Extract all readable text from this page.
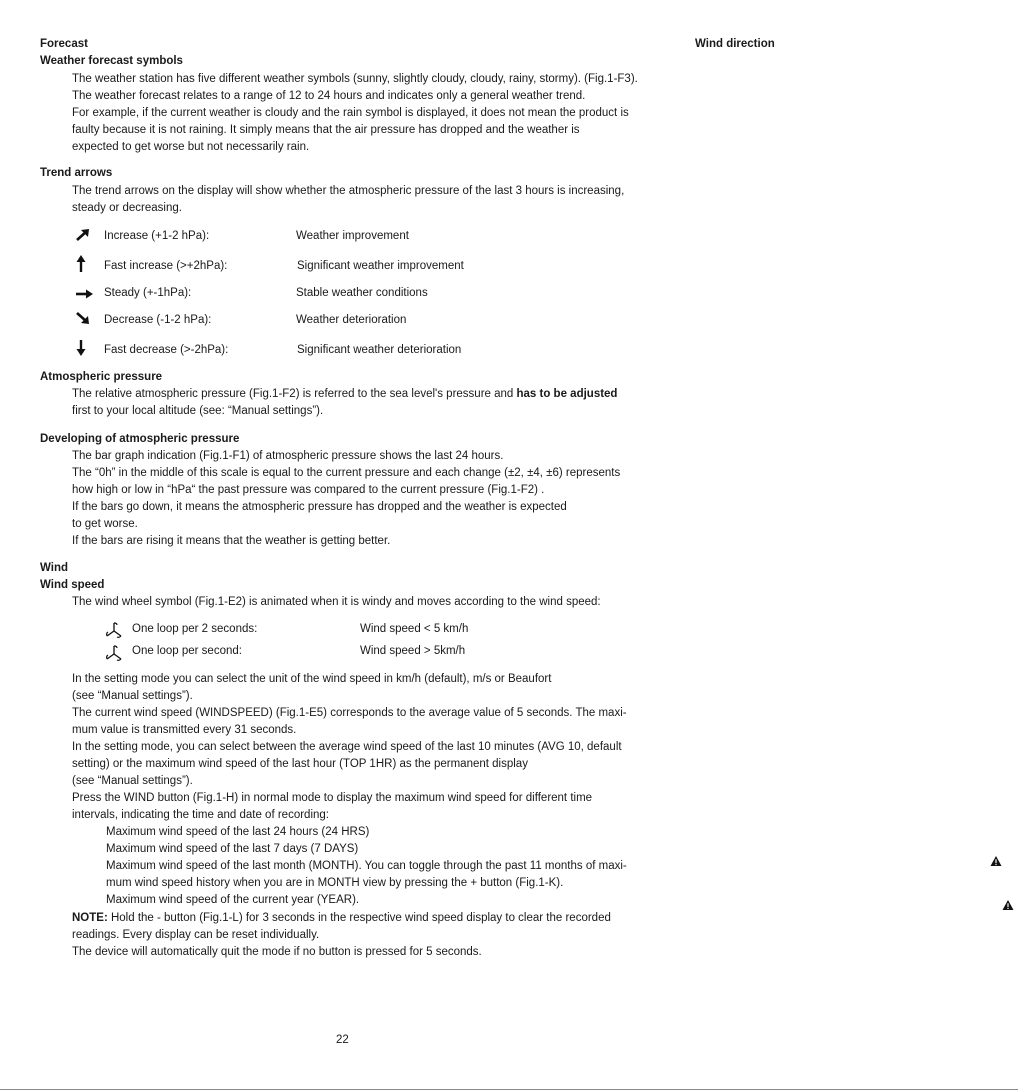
Wind direction
Forecast
Weather forecast symbols
The weather station has five different weather symbols (sunny, slightly cloudy, cloudy, rainy, stormy). (Fig.1-F3).
The weather forecast relates to a range of 12 to 24 hours and indicates only a general weather trend.
For example, if the current weather is cloudy and the rain symbol is displayed, it does not mean the product is
faulty because it is not raining. It simply means that the air pressure has dropped and the weather is
expected to get worse but not necessarily rain.
Trend arrows
The trend arrows on the display will show whether the atmospheric pressure of the last 3 hours is increasing,
steady or decreasing.
Increase (+1-2 hPa):	Weather improvement
Fast increase (>+2hPa):	Significant weather improvement
Steady (+-1hPa):	Stable weather conditions
Decrease (-1-2 hPa):	Weather deterioration
Fast decrease (>-2hPa):	Significant weather deterioration
Atmospheric pressure
The relative atmospheric pressure (Fig.1-F2) is referred to the sea level's pressure and has to be adjusted
first to your local altitude (see: “Manual settings”).
Developing of atmospheric pressure
The bar graph indication (Fig.1-F1) of atmospheric pressure shows the last 24 hours.
The “0h” in the middle of this scale is equal to the current pressure and each change (±2, ±4, ±6) represents
how high or low in “hPa“ the past pressure was compared to the current pressure (Fig.1-F2) .
If the bars go down, it means the atmospheric pressure has dropped and the weather is expected
to get worse.
If the bars are rising it means that the weather is getting better.
Wind
Wind speed
The wind wheel symbol (Fig.1-E2) is animated when it is windy and moves according to the wind speed:
One loop per 2 seconds:	Wind speed < 5 km/h
One loop per second:	Wind speed > 5km/h
In the setting mode you can select the unit of the wind speed in km/h (default), m/s or Beaufort
(see “Manual settings”).
The current wind speed (WINDSPEED) (Fig.1-E5) corresponds to the average value of 5 seconds. The maxi-
mum value is transmitted every 31 seconds.
In the setting mode, you can select between the average wind speed of the last 10 minutes (AVG 10, default
setting) or the maximum wind speed of the last hour (TOP 1HR) as the permanent display
(see “Manual settings”).
Press the WIND button (Fig.1-H) in normal mode to display the maximum wind speed for different time
intervals, indicating the time and date of recording:
Maximum wind speed of the last 24 hours (24 HRS)
Maximum wind speed of the last 7 days (7 DAYS)
Maximum wind speed of the last month (MONTH). You can toggle through the past 11 months of maxi-
mum wind speed history when you are in MONTH view by pressing the + button (Fig.1-K).
Maximum wind speed of the current year (YEAR).
NOTE: Hold the - button (Fig.1-L) for 3 seconds in the respective wind speed display to clear the recorded
readings. Every display can be reset individually.
The device will automatically quit the mode if no button is pressed for 5 seconds.
22
